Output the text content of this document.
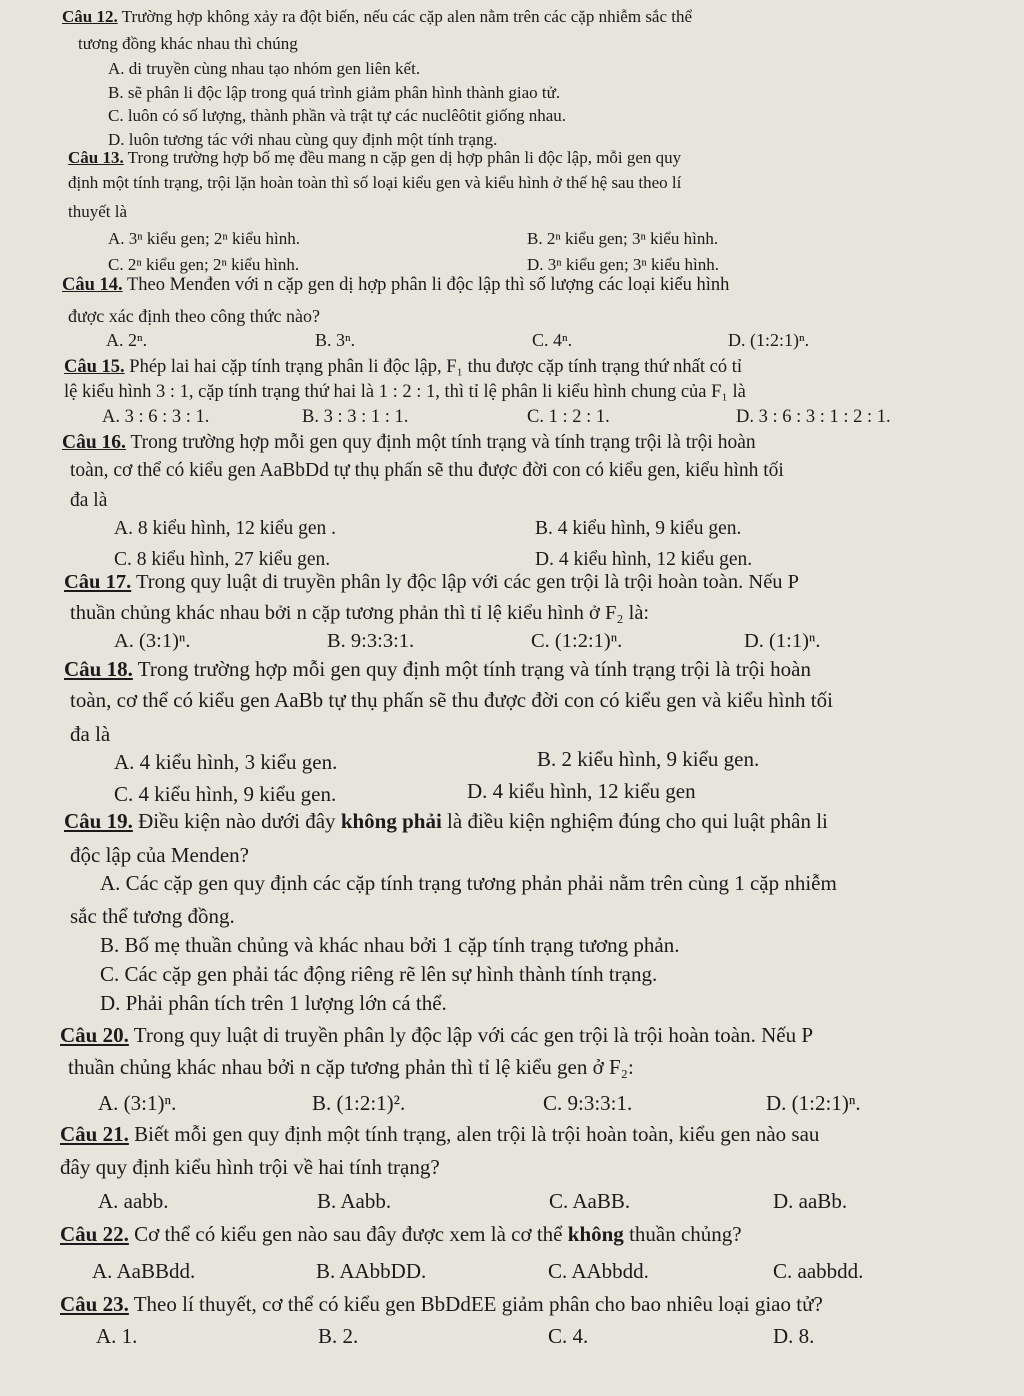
Câu 12. Trường hợp không xảy ra đột biến, nếu các cặp alen nằm trên các cặp nhiễm sắc thể
tương đồng khác nhau thì chúng
A. di truyền cùng nhau tạo nhóm gen liên kết.
B. sẽ phân li độc lập trong quá trình giảm phân hình thành giao tử.
C. luôn có số lượng, thành phần và trật tự các nuclêôtit giống nhau.
D. luôn tương tác với nhau cùng quy định một tính trạng.
Câu 13. Trong trường hợp bố mẹ đều mang n cặp gen dị hợp phân li độc lập, mỗi gen quy
định một tính trạng, trội lặn hoàn toàn thì số loại kiểu gen và kiểu hình ở thế hệ sau theo lí
thuyết là
A. 3ⁿ kiểu gen; 2ⁿ kiểu hình.	B. 2ⁿ kiểu gen; 3ⁿ kiểu hình.
C. 2ⁿ kiểu gen; 2ⁿ kiểu hình.	D. 3ⁿ kiểu gen; 3ⁿ kiểu hình.
Câu 14. Theo Menđen với n cặp gen dị hợp phân li độc lập thì số lượng các loại kiểu hình
được xác định theo công thức nào?
A. 2ⁿ.	B. 3ⁿ.	C. 4ⁿ.	D. (1:2:1)ⁿ.
Câu 15. Phép lai hai cặp tính trạng phân li độc lập, F₁ thu được cặp tính trạng thứ nhất có tỉ
lệ kiểu hình 3 : 1, cặp tính trạng thứ hai là 1 : 2 : 1, thì tỉ lệ phân li kiểu hình chung của F₁ là
A. 3 : 6 : 3 : 1.	B. 3 : 3 : 1 : 1.	C. 1 : 2 : 1.	D. 3 : 6 : 3 : 1 : 2 : 1.
Câu 16. Trong trường hợp mỗi gen quy định một tính trạng và tính trạng trội là trội hoàn
toàn, cơ thể có kiểu gen AaBbDd tự thụ phấn sẽ thu được đời con có kiểu gen, kiểu hình tối
đa là
A. 8 kiểu hình, 12 kiểu gen .	B. 4 kiểu hình, 9 kiểu gen.
C. 8 kiểu hình, 27 kiểu gen.	D. 4 kiểu hình, 12 kiểu gen.
Câu 17. Trong quy luật di truyền phân ly độc lập với các gen trội là trội hoàn toàn. Nếu P
thuần chủng khác nhau bởi n cặp tương phản thì tỉ lệ kiểu hình ở F₂ là:
A. (3:1)ⁿ.	B. 9:3:3:1.	C. (1:2:1)ⁿ.	D. (1:1)ⁿ.
Câu 18. Trong trường hợp mỗi gen quy định một tính trạng và tính trạng trội là trội hoàn
toàn, cơ thể có kiểu gen AaBb tự thụ phấn sẽ thu được đời con có kiểu gen và kiểu hình tối
đa là
A. 4 kiểu hình, 3 kiểu gen.	B. 2 kiểu hình, 9 kiểu gen.
C. 4 kiểu hình, 9 kiểu gen.	D. 4 kiểu hình, 12 kiểu gen
Câu 19. Điều kiện nào dưới đây không phải là điều kiện nghiệm đúng cho qui luật phân li
độc lập của Menden?
A. Các cặp gen quy định các cặp tính trạng tương phản phải nằm trên cùng 1 cặp nhiễm
sắc thể tương đồng.
B. Bố mẹ thuần chủng và khác nhau bởi 1 cặp tính trạng tương phản.
C. Các cặp gen phải tác động riêng rẽ lên sự hình thành tính trạng.
D. Phải phân tích trên 1 lượng lớn cá thể.
Câu 20. Trong quy luật di truyền phân ly độc lập với các gen trội là trội hoàn toàn. Nếu P
thuần chủng khác nhau bởi n cặp tương phản thì tỉ lệ kiểu gen ở F₂:
A. (3:1)ⁿ.	B. (1:2:1)².	C. 9:3:3:1.	D. (1:2:1)ⁿ.
Câu 21. Biết mỗi gen quy định một tính trạng, alen trội là trội hoàn toàn, kiểu gen nào sau
đây quy định kiểu hình trội về hai tính trạng?
A. aabb.	B. Aabb.	C. AaBB.	D. aaBb.
Câu 22. Cơ thể có kiểu gen nào sau đây được xem là cơ thể không thuần chủng?
A. AaBBdd.	B. AAbbDD.	C. AAbbdd.	C. aabbdd.
Câu 23. Theo lí thuyết, cơ thể có kiểu gen BbDdEE giảm phân cho bao nhiêu loại giao tử?
A. 1.	B. 2.	C. 4.	D. 8.
